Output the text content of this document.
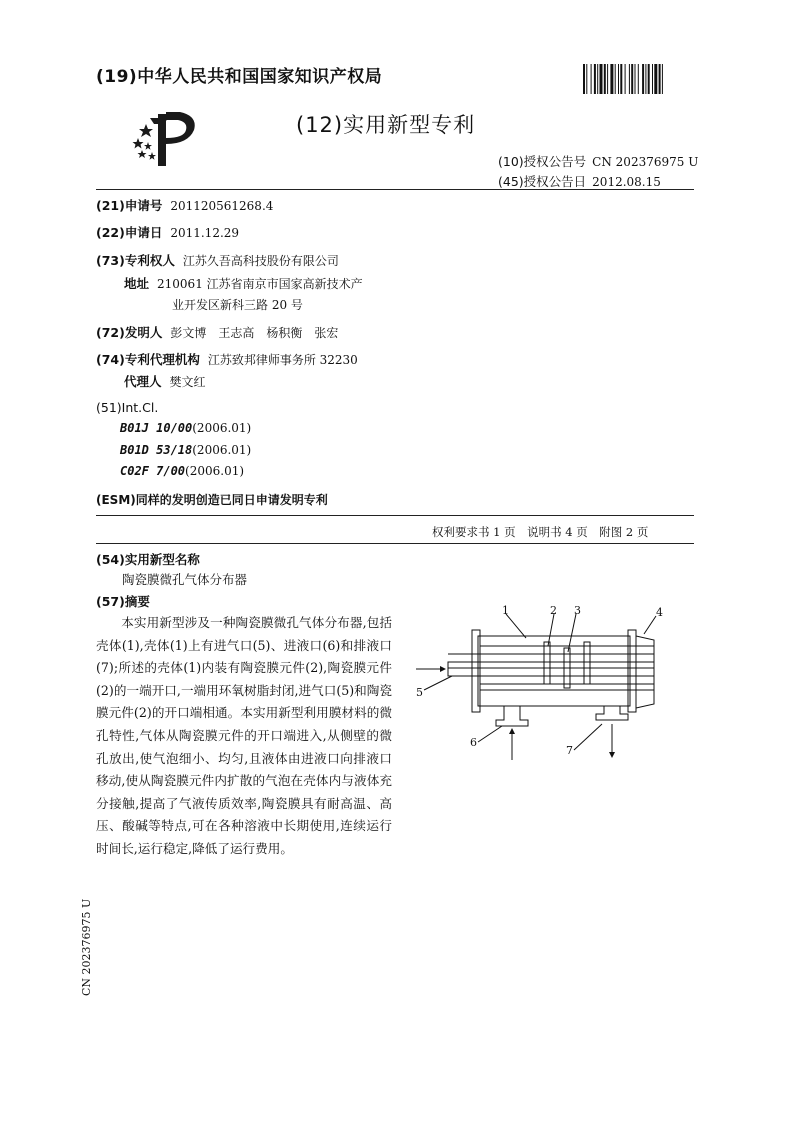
(19)中华人民共和国国家知识产权局
(12)实用新型专利
(10)授权公告号 CN 202376975 U
(45)授权公告日 2012.08.15
(21)申请号 201120561268.4
(22)申请日 2011.12.29
(73)专利权人 江苏久吾高科技股份有限公司
地址 210061 江苏省南京市国家高新技术产
业开发区新科三路 20 号
(72)发明人 彭文博　王志高　杨积衡　张宏
(74)专利代理机构 江苏致邦律师事务所 32230
代理人 樊文红
(51)Int.Cl.
B01J 10/00(2006.01)
B01D 53/18(2006.01)
C02F 7/00(2006.01)
(ESM)同样的发明创造已同日申请发明专利
权利要求书 1 页　说明书 4 页　附图 2 页
(54)实用新型名称
陶瓷膜微孔气体分布器
(57)摘要

本实用新型涉及一种陶瓷膜微孔气体分布器,包括壳体(1),壳体(1)上有进气口(5)、进液口(6)和排液口(7);所述的壳体(1)内装有陶瓷膜元件(2),陶瓷膜元件(2)的一端开口,一端用环氧树脂封闭,进气口(5)和陶瓷膜元件(2)的开口端相通。本实用新型利用膜材料的微孔特性,气体从陶瓷膜元件的开口端进入,从侧壁的微孔放出,使气泡细小、均匀,且液体由进液口向排液口移动,使从陶瓷膜元件内扩散的气泡在壳体内与液体充分接触,提高了气液传质效率,陶瓷膜具有耐高温、高压、酸碱等特点,可在各种溶液中长期使用,连续运行时间长,运行稳定,降低了运行费用。

1	2 3	4
5
6
7
CN 202376975 U
